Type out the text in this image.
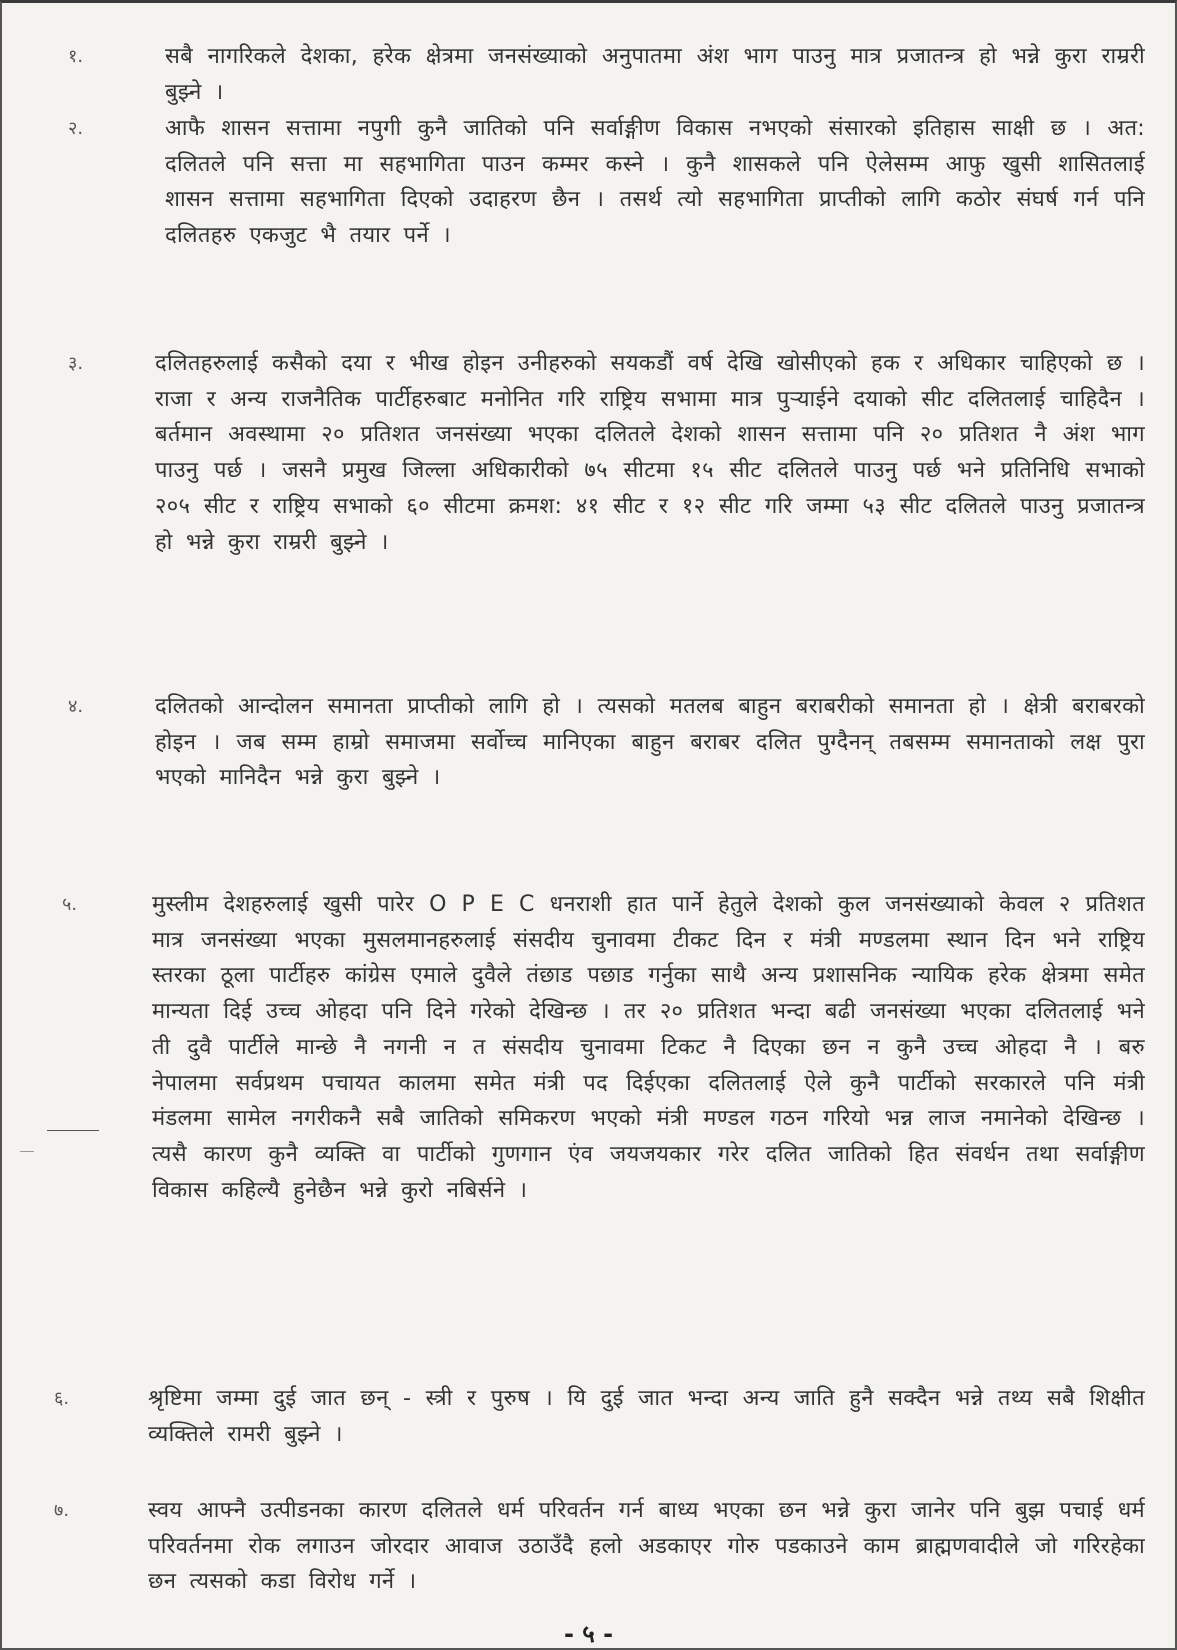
१.	सबै नागरिकले देशका, हरेक क्षेत्रमा जनसंख्याको अनुपातमा अंश भाग पाउनु मात्र प्रजातन्त्र हो भन्ने कुरा राम्ररी बुझ्ने ।
२.	आफै शासन सत्तामा नपुगी कुनै जातिको पनि सर्वाङ्गीण विकास नभएको संसारको इतिहास साक्षी छ । अत: दलितले पनि सत्ता मा सहभागिता पाउन कम्मर कस्ने । कुनै शासकले पनि ऐलेसम्म आफु खुसी शासितलाई शासन सत्तामा सहभागिता दिएको उदाहरण छैन । तसर्थ त्यो सहभागिता प्राप्तीको लागि कठोर संघर्ष गर्न पनि दलितहरु एकजुट भै तयार पर्ने ।
३.	दलितहरुलाई कसैको दया र भीख होइन उनीहरुको सयकडौं वर्ष देखि खोसीएको हक र अधिकार चाहिएको छ । राजा र अन्य राजनैतिक पार्टीहरुबाट मनोनित गरि राष्ट्रिय सभामा मात्र पुऱ्याईने दयाको सीट दलितलाई चाहिदैन । बर्तमान अवस्थामा २० प्रतिशत जनसंख्या भएका दलितले देशको शासन सत्तामा पनि २० प्रतिशत नै अंश भाग पाउनु पर्छ । जसनै प्रमुख जिल्ला अधिकारीको ७५ सीटमा १५ सीट दलितले पाउनु पर्छ भने प्रतिनिधि सभाको २०५ सीट र राष्ट्रिय सभाको ६० सीटमा क्रमश: ४१ सीट र १२ सीट गरि जम्मा ५३ सीट दलितले पाउनु प्रजातन्त्र हो भन्ने कुरा राम्ररी बुझ्ने ।
४.	दलितको आन्दोलन समानता प्राप्तीको लागि हो । त्यसको मतलब बाहुन बराबरीको समानता हो । क्षेत्री बराबरको होइन । जब सम्म हाम्रो समाजमा सर्वोच्च मानिएका बाहुन बराबर दलित पुग्दैनन् तबसम्म समानताको लक्ष पुरा भएको मानिदैन भन्ने कुरा बुझ्ने ।
५.	मुस्लीम देशहरुलाई खुसी पारेर O P E C धनराशी हात पार्ने हेतुले देशको कुल जनसंख्याको केवल २ प्रतिशत मात्र जनसंख्या भएका मुसलमानहरुलाई संसदीय चुनावमा टीकट दिन र मंत्री मण्डलमा स्थान दिन भने राष्ट्रिय स्तरका ठूला पार्टीहरु कांग्रेस एमाले दुवैले तंछाड पछाड गर्नुका साथै अन्य प्रशासनिक न्यायिक हरेक क्षेत्रमा समेत मान्यता दिई उच्च ओहदा पनि दिने गरेको देखिन्छ । तर २० प्रतिशत भन्दा बढी जनसंख्या भएका दलितलाई भने ती दुवै पार्टीले मान्छे नै नगनी न त संसदीय चुनावमा टिकट नै दिएका छन न कुनै उच्च ओहदा नै । बरु नेपालमा सर्वप्रथम पचायत कालमा समेत मंत्री पद दिईएका दलितलाई ऐले कुनै पार्टीको सरकारले पनि मंत्री मंडलमा सामेल नगरीकनै सबै जातिको समिकरण भएको मंत्री मण्डल गठन गरियो भन्न लाज नमानेको देखिन्छ । त्यसै कारण कुनै व्यक्ति वा पार्टीको गुणगान एंव जयजयकार गरेर दलित जातिको हित संवर्धन तथा सर्वाङ्गीण विकास कहिल्यै हुनेछैन भन्ने कुरो नबिर्सने ।
६.	श्रृष्टिमा जम्मा दुई जात छन् - स्त्री र पुरुष । यि दुई जात भन्दा अन्य जाति हुनै सक्दैन भन्ने तथ्य सबै शिक्षीत व्यक्तिले रामरी बुझ्ने ।
७.	स्वय आफ्नै उत्पीडनका कारण दलितले धर्म परिवर्तन गर्न बाध्य भएका छन भन्ने कुरा जानेर पनि बुझ पचाई धर्म परिवर्तनमा रोक लगाउन जोरदार आवाज उठाउँदै हलो अडकाएर गोरु पडकाउने काम ब्राह्मणवादीले जो गरिरहेका छन त्यसको कडा विरोध गर्ने ।
- ५ -
